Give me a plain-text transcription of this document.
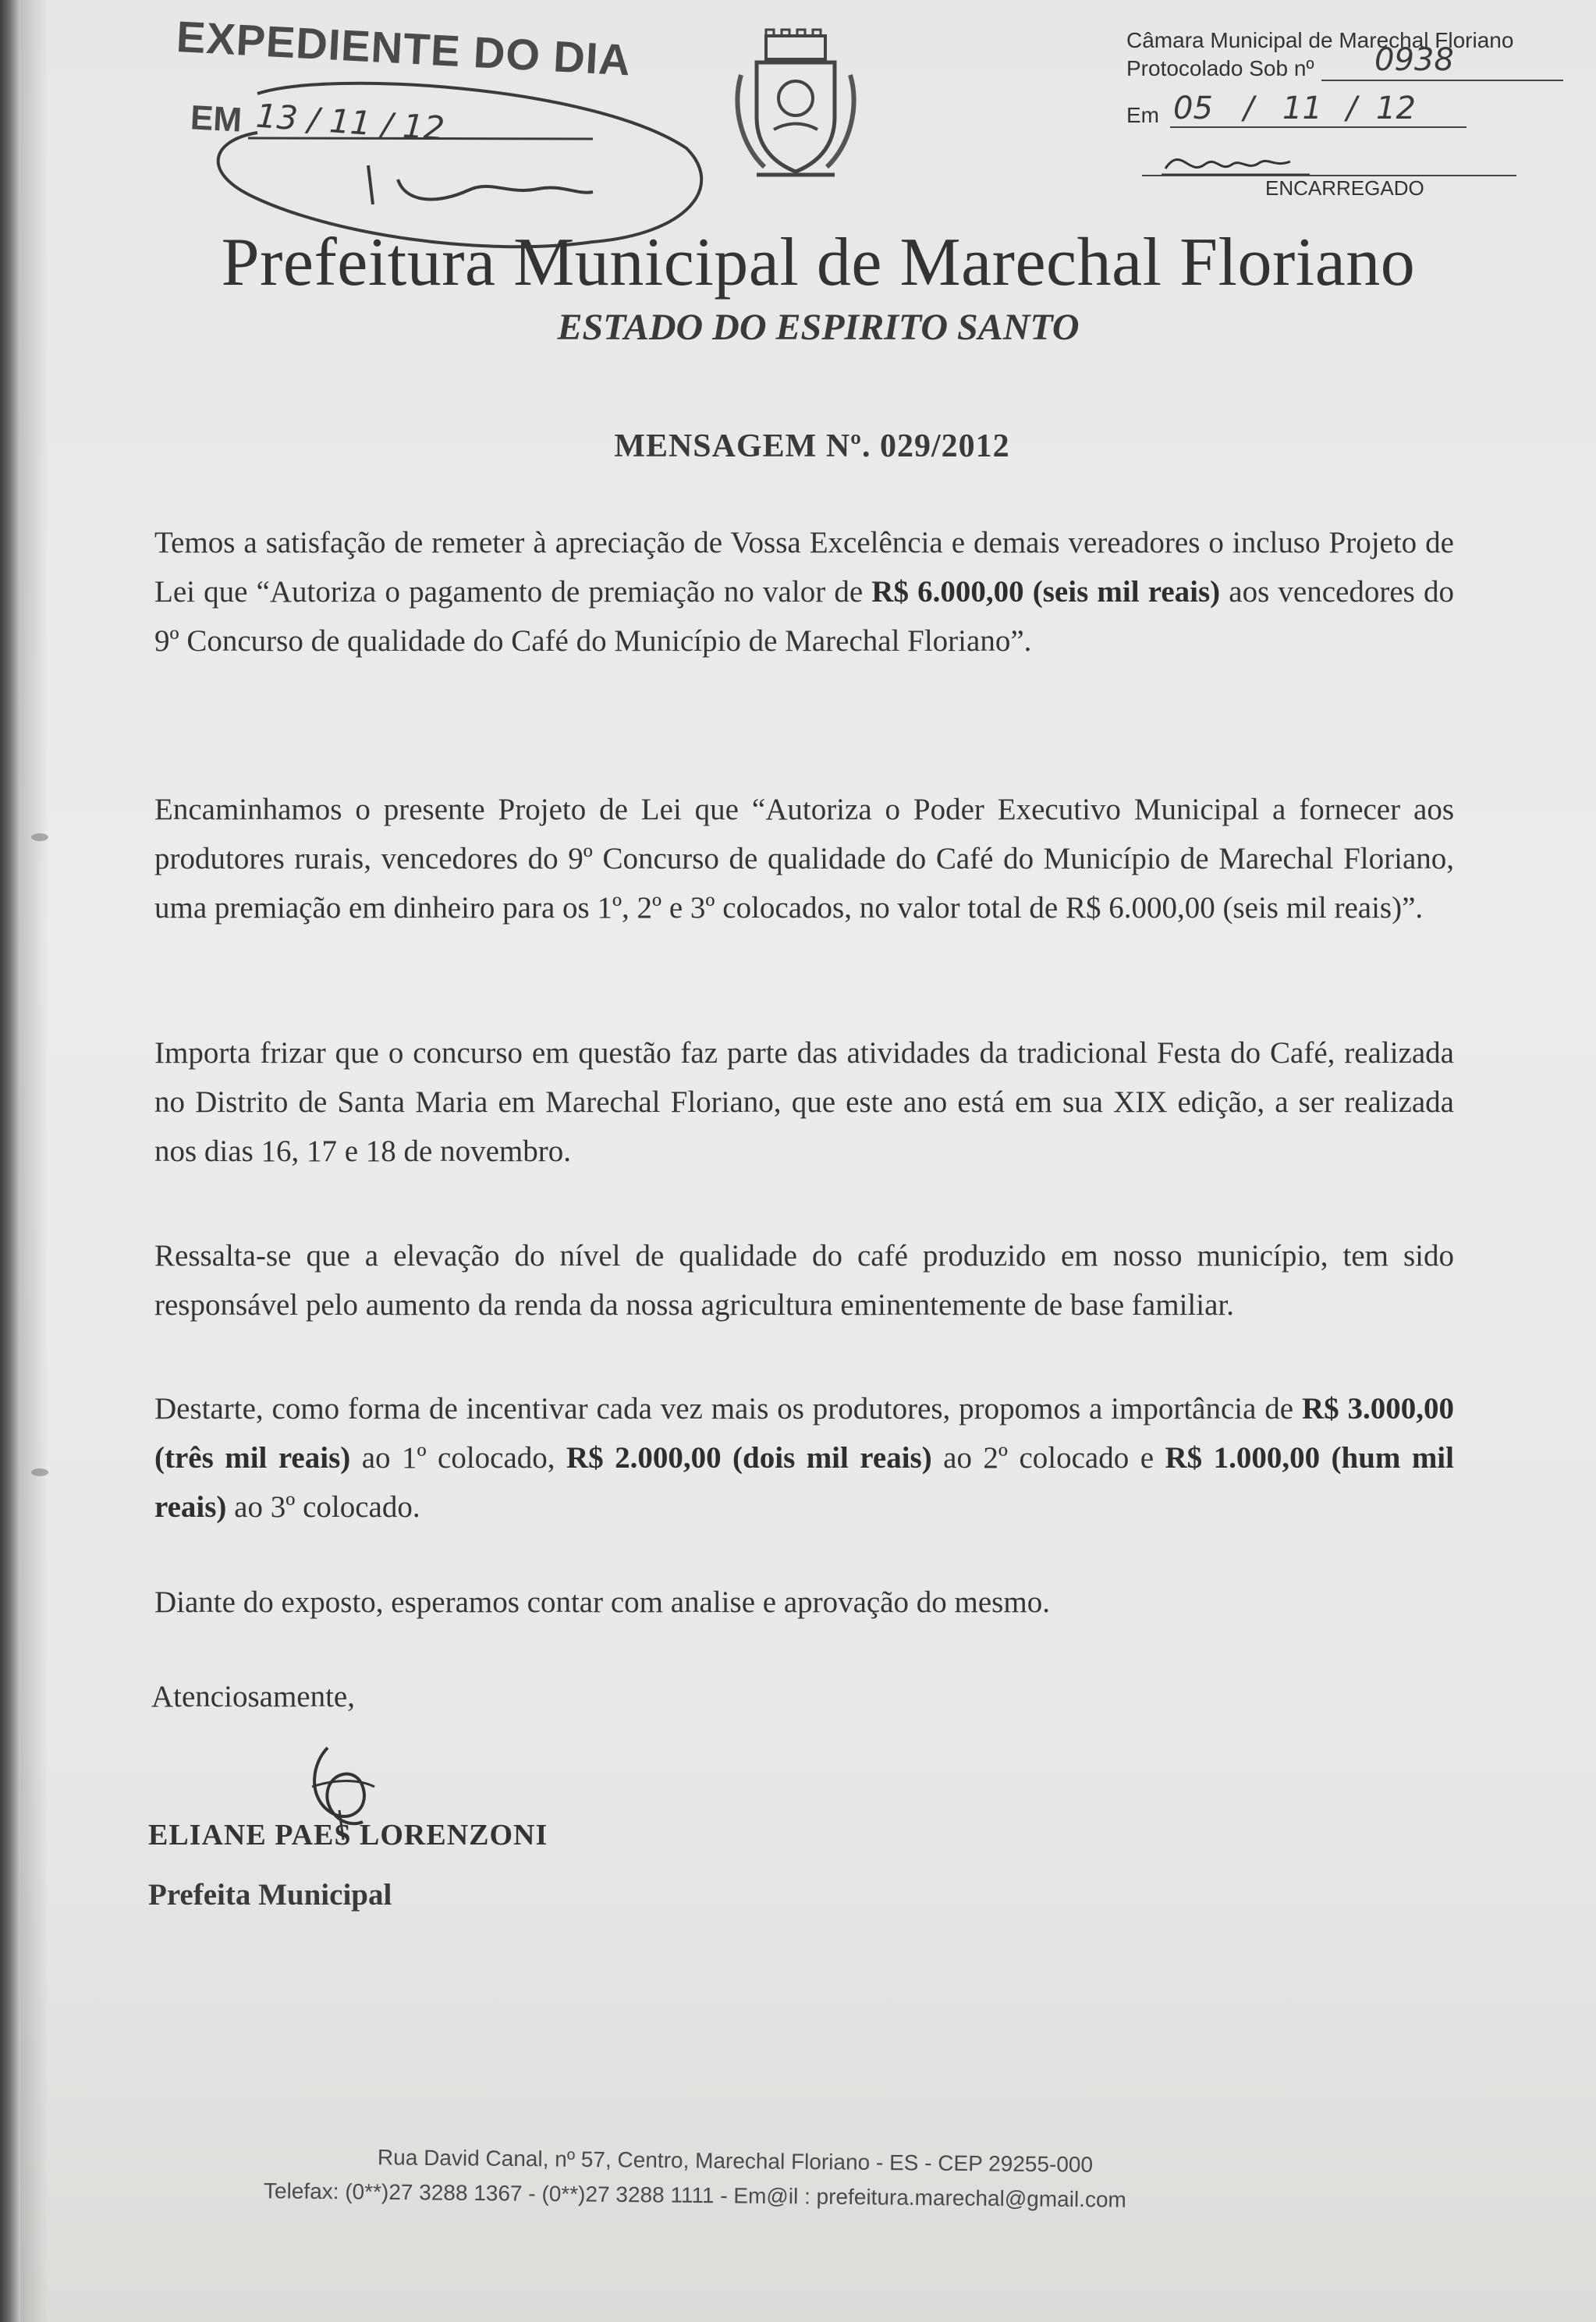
EXPEDIENTE DO DIA
EM 13 / 11 / 12
Câmara Municipal de Marechal Floriano
Protocolado Sob nº 0938
Em 05 / 11 / 12
ENCARREGADO
Prefeitura Municipal de Marechal Floriano
ESTADO DO ESPIRITO SANTO
MENSAGEM Nº. 029/2012
Temos a satisfação de remeter à apreciação de Vossa Excelência e demais vereadores o incluso Projeto de Lei que “Autoriza o pagamento de premiação no valor de R$ 6.000,00 (seis mil reais) aos vencedores do 9º Concurso de qualidade do Café do Município de Marechal Floriano”.
Encaminhamos o presente Projeto de Lei que “Autoriza o Poder Executivo Municipal a fornecer aos produtores rurais, vencedores do 9º Concurso de qualidade do Café do Município de Marechal Floriano, uma premiação em dinheiro para os 1º, 2º e 3º colocados, no valor total de R$ 6.000,00 (seis mil reais)”.
Importa frizar que o concurso em questão faz parte das atividades da tradicional Festa do Café, realizada no Distrito de Santa Maria em Marechal Floriano, que este ano está em sua XIX edição, a ser realizada nos dias 16, 17 e 18 de novembro.
Ressalta-se que a elevação do nível de qualidade do café produzido em nosso município, tem sido responsável pelo aumento da renda da nossa agricultura eminentemente de base familiar.
Destarte, como forma de incentivar cada vez mais os produtores, propomos a importância de R$ 3.000,00 (três mil reais) ao 1º colocado, R$ 2.000,00 (dois mil reais) ao 2º colocado e R$ 1.000,00 (hum mil reais) ao 3º colocado.
Diante do exposto, esperamos contar com analise e aprovação do mesmo.
Atenciosamente,
ELIANE PAES LORENZONI
Prefeita Municipal
Rua David Canal, nº 57, Centro, Marechal Floriano - ES - CEP 29255-000
Telefax: (0**)27 3288 1367 - (0**)27 3288 1111 - Em@il : prefeitura.marechal@gmail.com
